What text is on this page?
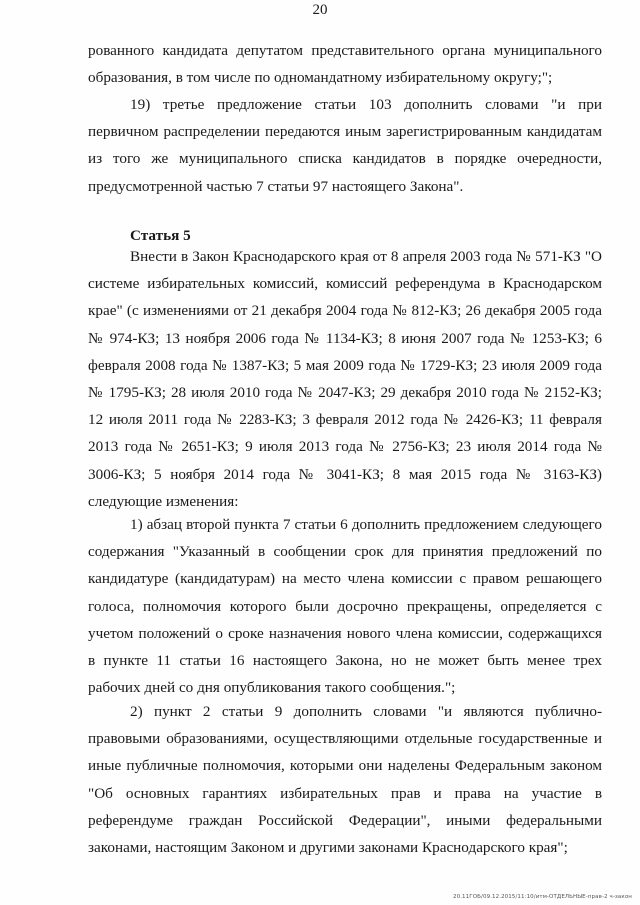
20

рованного кандидата депутатом представительного органа муниципального образования, в том числе по одномандатному избирательному округу;";

19) третье предложение статьи 103 дополнить словами "и при первичном распределении передаются иным зарегистрированным кандидатам из того же муниципального списка кандидатов в порядке очередности, предусмотренной частью 7 статьи 97 настоящего Закона".

Статья 5

Внести в Закон Краснодарского края от 8 апреля 2003 года № 571-КЗ "О системе избирательных комиссий, комиссий референдума в Краснодарском крае" (с изменениями от 21 декабря 2004 года № 812-КЗ; 26 декабря 2005 года № 974-КЗ; 13 ноября 2006 года № 1134-КЗ; 8 июня 2007 года № 1253-КЗ; 6 февраля 2008 года № 1387-КЗ; 5 мая 2009 года № 1729-КЗ; 23 июля 2009 года № 1795-КЗ; 28 июля 2010 года № 2047-КЗ; 29 декабря 2010 года № 2152-КЗ; 12 июля 2011 года № 2283-КЗ; 3 февраля 2012 года № 2426-КЗ; 11 февраля 2013 года № 2651-КЗ; 9 июля 2013 года № 2756-КЗ; 23 июля 2014 года № 3006-КЗ; 5 ноября 2014 года № 3041-КЗ; 8 мая 2015 года № 3163-КЗ) следующие изменения:

1) абзац второй пункта 7 статьи 6 дополнить предложением следующего содержания "Указанный в сообщении срок для принятия предложений по кандидатуре (кандидатурам) на место члена комиссии с правом решающего голоса, полномочия которого были досрочно прекращены, определяется с учетом положений о сроке назначения нового члена комиссии, содержащихся в пункте 11 статьи 16 настоящего Закона, но не может быть менее трех рабочих дней со дня опубликования такого сообщения.";

2) пункт 2 статьи 9 дополнить словами "и являются публично-правовыми образованиями, осуществляющими отдельные государственные и иные публичные полномочия, которыми они наделены Федеральным законом "Об основных гарантиях избирательных прав и права на участие в референдуме граждан Российской Федерации", иными федеральными законами, настоящим Законом и другими законами Краснодарского края";

20.11ГОБ/09.12.2015/11:10/итм-ОТДЕЛЬНЫЕ-прав-2 ч-закон
